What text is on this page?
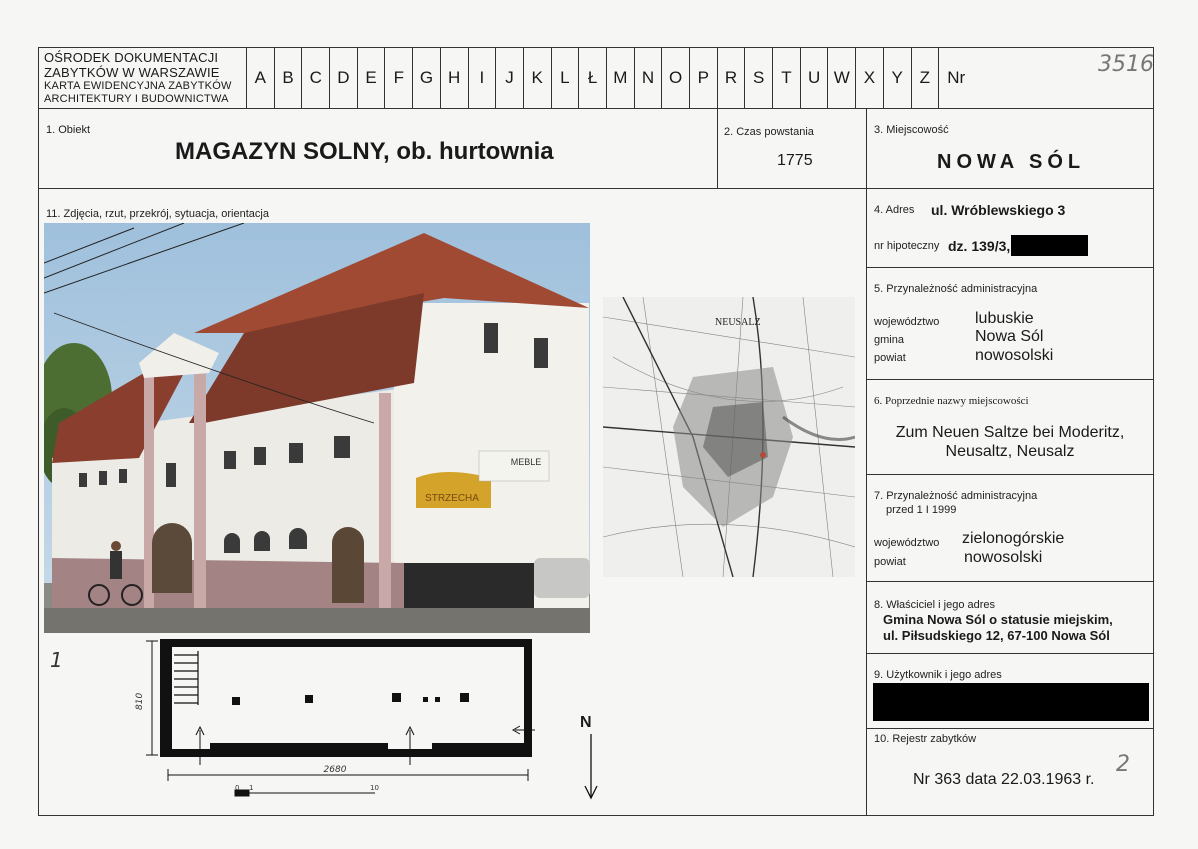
OŚRODEK DOKUMENTACJI
ZABYTKÓW W WARSZAWIE
KARTA EWIDENCYJNA ZABYTKÓW
ARCHITEKTURY I BUDOWNICTWA
A B C D E F G H	I	J	K	L	Ł M N O P R S T U W X Y Z	Nr
3516
1. Obiekt
MAGAZYN SOLNY, ob. hurtownia
2. Czas powstania
1775
3. Miejscowość
NOWA SÓL
4. Adres ul. Wróblewskiego 3
nr hipoteczny dz. 139/3,
5. Przynależność administracyjna
województwo lubuskie
gmina	Nowa Sól
powiat	nowosolski
6. Poprzednie nazwy miejscowości
Zum Neuen Saltze bei Moderitz,
Neusaltz, Neusalz
7. Przynależność administracyjna
przed 1 I 1999
województwo zielonogórskie
powiat	nowosolski
8. Właściciel i jego adres
Gmina Nowa Sól o statusie miejskim,
ul. Piłsudskiego 12, 67-100 Nowa Sól
9. Użytkownik i jego adres
10. Rejestr zabytków
Nr 363 data 22.03.1963 r.
2
11. Zdjęcia, rzut, przekrój, sytuacja, orientacja
STRZECHA
MEBLE
NEUSALZ
1
810
2680
0 1	10
N
